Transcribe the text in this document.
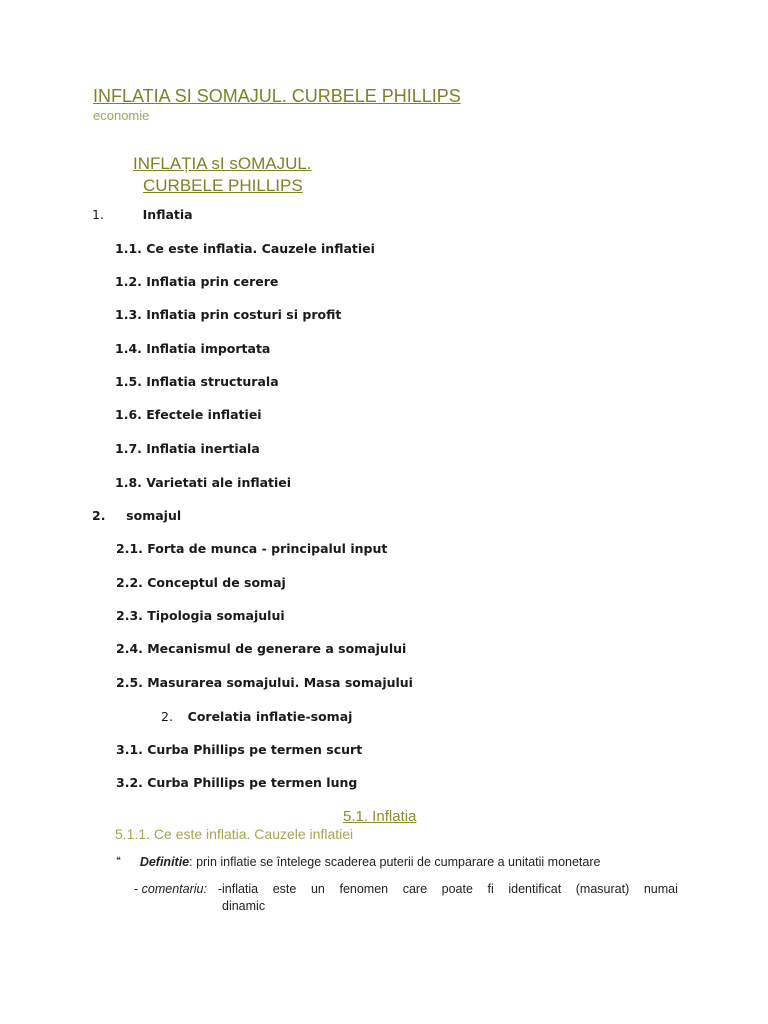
INFLATIA SI SOMAJUL. CURBELE PHILLIPS
economie
INFLAȚIA sI sOMAJUL.
CURBELE PHILLIPS
1.	Inflatia
1.1. Ce este inflatia. Cauzele inflatiei
1.2. Inflatia prin cerere
1.3. Inflatia prin costuri si profit
1.4. Inflatia importata
1.5. Inflatia structurala
1.6. Efectele inflatiei
1.7. Inflatia inertiala
1.8. Varietati ale inflatiei
2. somajul
2.1. Forta de munca - principalul input
2.2. Conceptul de somaj
2.3. Tipologia somajului
2.4. Mecanismul de generare a somajului
2.5. Masurarea somajului. Masa somajului
2. Corelatia inflatie-somaj
3.1. Curba Phillips pe termen scurt
3.2. Curba Phillips pe termen lung
5.1. Inflatia
5.1.1. Ce este inflatia. Cauzele inflatiei
❝ Definitie: prin inflatie se întelege scaderea puterii de cumparare a unitatii monetare
- comentariu: - inflatia este un fenomen care poate fi identificat (masurat) numai
dinamic
